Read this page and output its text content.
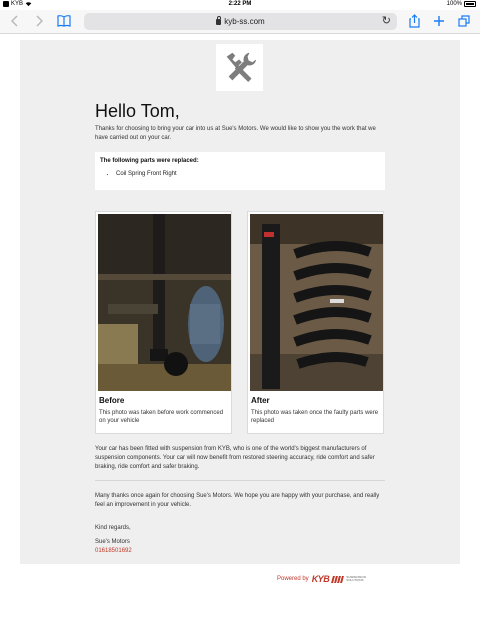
KYB	2:22 PM	100%
kyb-ss.com	↻
Hello Tom,
Thanks for choosing to bring your car into us at Sue's Motors. We would like to show you the work that we have carried out on your car.
The following parts were replaced:
• Coil Spring Front Right
Before
This photo was taken before work commenced on your vehicle
After
This photo was taken once the faulty parts were replaced
Your car has been fitted with suspension from KYB, who is one of the world's biggest manufacturers of suspension components. Your car will now benefit from restored steering accuracy, ride comfort and safer braking, ride comfort and safer braking.
Many thanks once again for choosing Sue's Motors. We hope you are happy with your purchase, and really feel an improvement in your vehicle.
Kind regards,
Sue's Motors
01618501692
Powered by KYB	SUSPENSION SOLUTIONS
